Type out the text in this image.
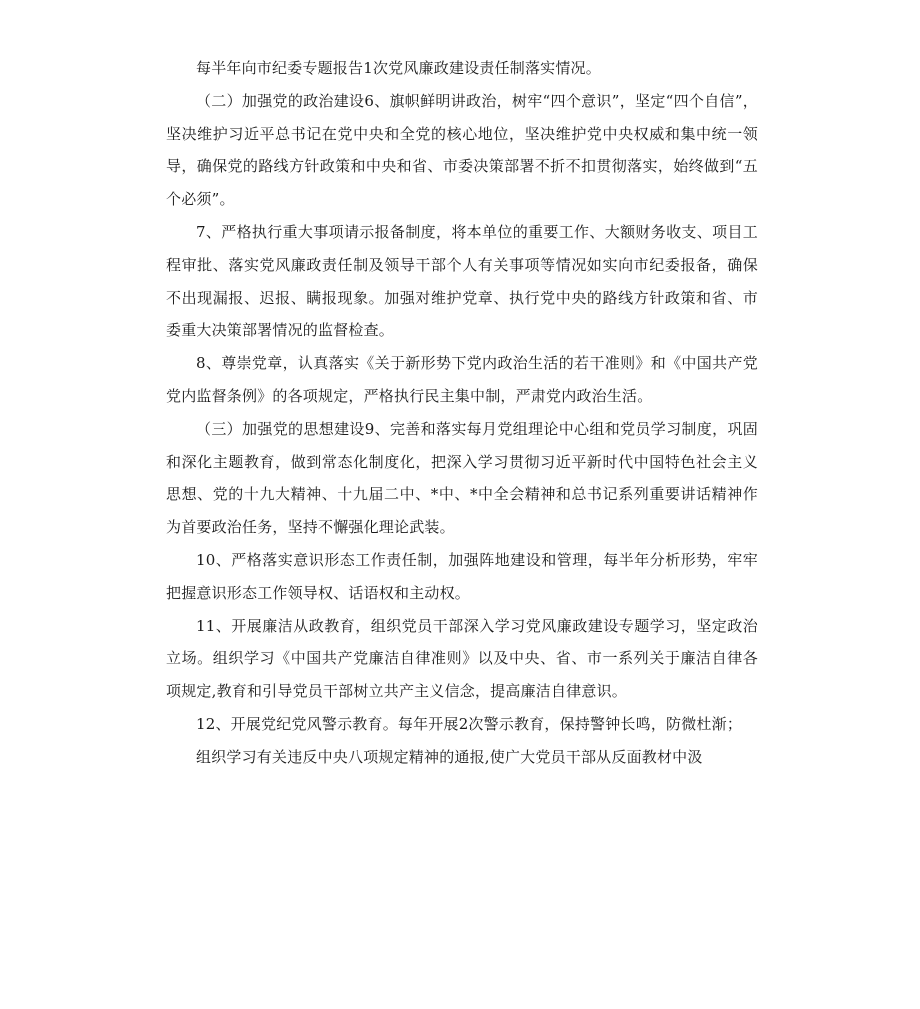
每半年向市纪委专题报告1次党风廉政建设责任制落实情况。

（二）加强党的政治建设6、旗帜鲜明讲政治，树牢“四个意识”，坚定“四个自信”，坚决维护习近平总书记在党中央和全党的核心地位，坚决维护党中央权威和集中统一领导，确保党的路线方针政策和中央和省、市委决策部署不折不扣贯彻落实，始终做到“五个必须”。

7、严格执行重大事项请示报备制度，将本单位的重要工作、大额财务收支、项目工程审批、落实党风廉政责任制及领导干部个人有关事项等情况如实向市纪委报备，确保不出现漏报、迟报、瞒报现象。加强对维护党章、执行党中央的路线方针政策和省、市委重大决策部署情况的监督检查。

8、尊崇党章，认真落实《关于新形势下党内政治生活的若干准则》和《中国共产党党内监督条例》的各项规定，严格执行民主集中制，严肃党内政治生活。

（三）加强党的思想建设9、完善和落实每月党组理论中心组和党员学习制度，巩固和深化主题教育，做到常态化制度化，把深入学习贯彻习近平新时代中国特色社会主义思想、党的十九大精神、十九届二中、*中、*中全会精神和总书记系列重要讲话精神作为首要政治任务，坚持不懈强化理论武装。

10、严格落实意识形态工作责任制，加强阵地建设和管理，每半年分析形势，牢牢把握意识形态工作领导权、话语权和主动权。

11、开展廉洁从政教育，组织党员干部深入学习党风廉政建设专题学习，坚定政治立场。组织学习《中国共产党廉洁自律准则》以及中央、省、市一系列关于廉洁自律各项规定,教育和引导党员干部树立共产主义信念，提高廉洁自律意识。

12、开展党纪党风警示教育。每年开展2次警示教育，保持警钟长鸣，防微杜渐；

组织学习有关违反中央八项规定精神的通报,使广大党员干部从反面教材中汲
